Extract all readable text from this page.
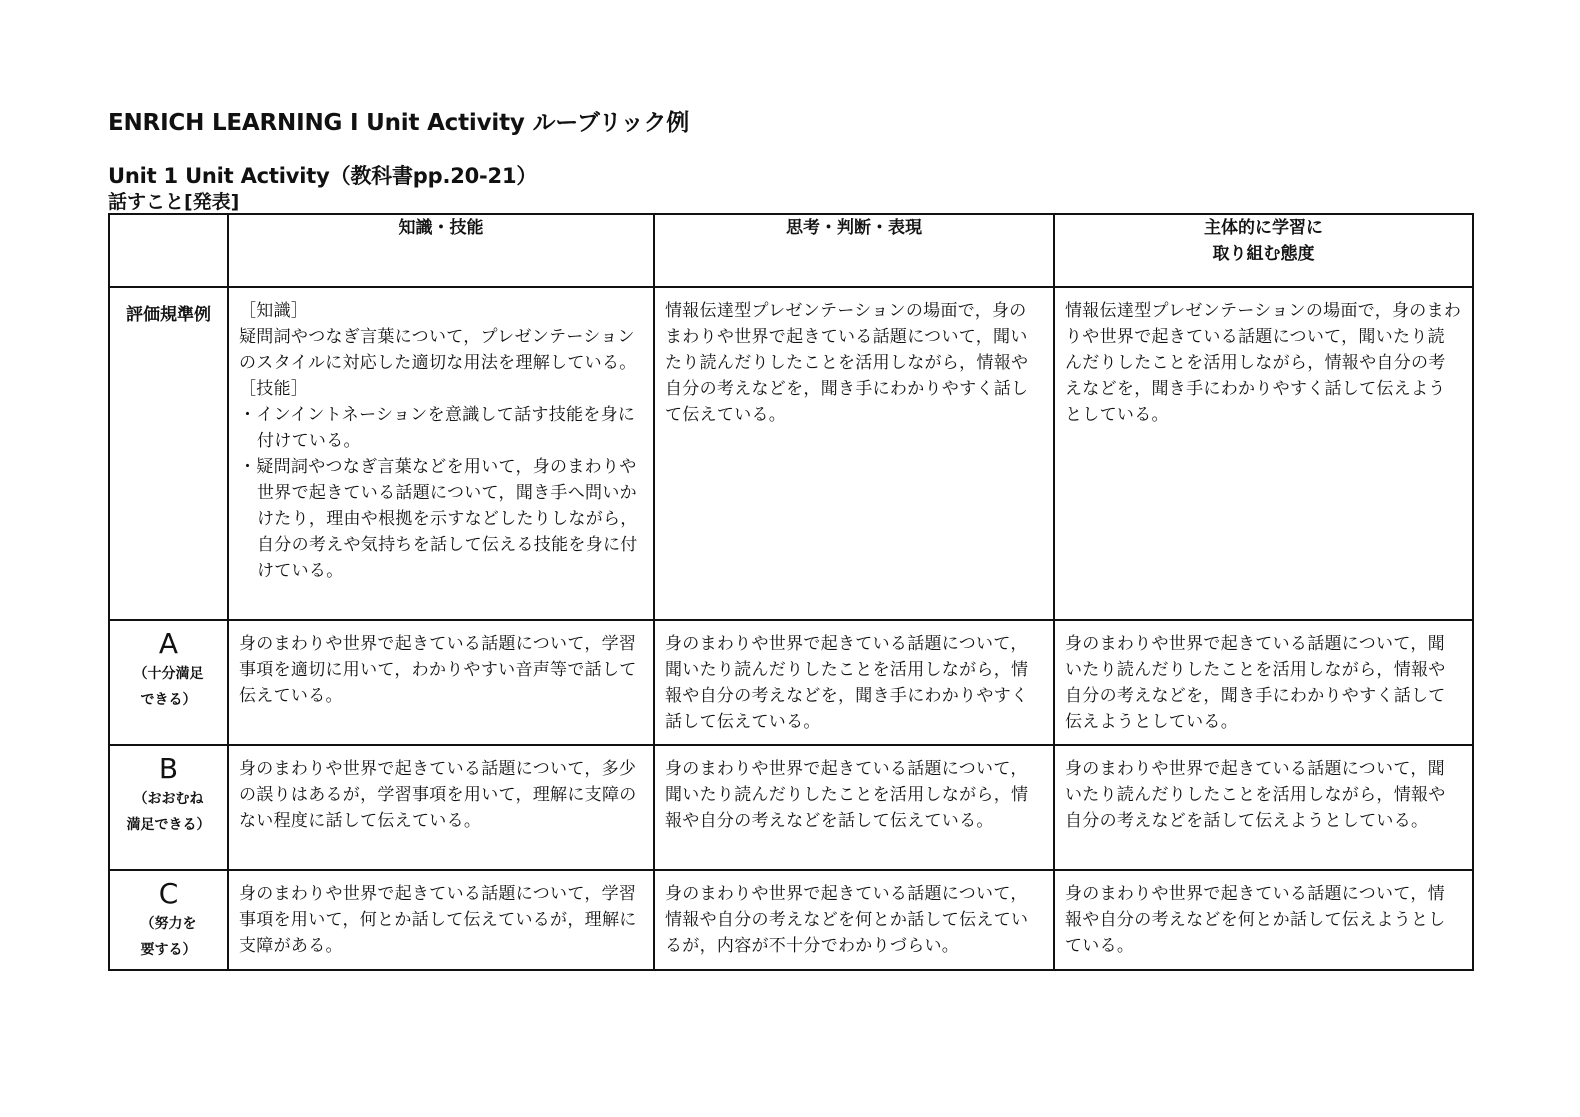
ENRICH LEARNING I Unit Activity ルーブリック例
Unit 1 Unit Activity（教科書pp.20-21）
話すこと[発表]
	知識・技能	思考・判断・表現	主体的に学習に
取り組む態度

評価規準例	［知識］
疑問詞やつなぎ言葉について，プレゼンテーションのスタイルに対応した適切な用法を理解している。
［技能］
・インイントネーションを意識して話す技能を身に付けている。
・疑問詞やつなぎ言葉などを用いて，身のまわりや世界で起きている話題について，聞き手へ問いかけたり，理由や根拠を示すなどしたりしながら，自分の考えや気持ちを話して伝える技能を身に付けている。	情報伝達型プレゼンテーションの場面で，身のまわりや世界で起きている話題について，聞いたり読んだりしたことを活用しながら，情報や自分の考えなどを，聞き手にわかりやすく話して伝えている。	情報伝達型プレゼンテーションの場面で，身のまわりや世界で起きている話題について，聞いたり読んだりしたことを活用しながら，情報や自分の考えなどを，聞き手にわかりやすく話して伝えようとしている。

A
（十分満足
できる）	身のまわりや世界で起きている話題について，学習事項を適切に用いて，わかりやすい音声等で話して伝えている。	身のまわりや世界で起きている話題について，聞いたり読んだりしたことを活用しながら，情報や自分の考えなどを，聞き手にわかりやすく話して伝えている。	身のまわりや世界で起きている話題について，聞いたり読んだりしたことを活用しながら，情報や自分の考えなどを，聞き手にわかりやすく話して伝えようとしている。

B
（おおむね
満足できる）	身のまわりや世界で起きている話題について，多少の誤りはあるが，学習事項を用いて，理解に支障のない程度に話して伝えている。	身のまわりや世界で起きている話題について，聞いたり読んだりしたことを活用しながら，情報や自分の考えなどを話して伝えている。	身のまわりや世界で起きている話題について，聞いたり読んだりしたことを活用しながら，情報や自分の考えなどを話して伝えようとしている。

C
（努力を
要する）	身のまわりや世界で起きている話題について，学習事項を用いて，何とか話して伝えているが，理解に支障がある。	身のまわりや世界で起きている話題について，情報や自分の考えなどを何とか話して伝えているが，内容が不十分でわかりづらい。	身のまわりや世界で起きている話題について，情報や自分の考えなどを何とか話して伝えようとしている。
